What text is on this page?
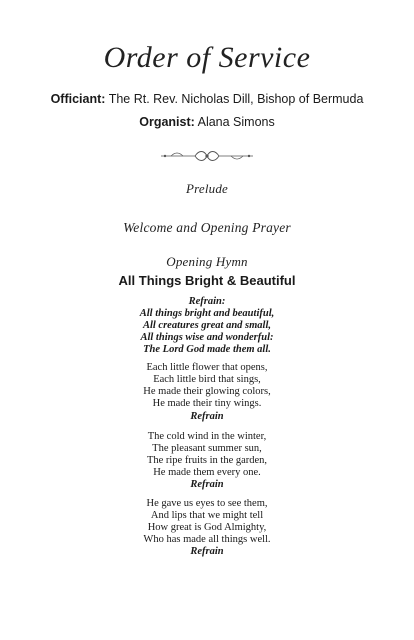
Order of Service
Officiant: The Rt. Rev. Nicholas Dill, Bishop of Bermuda
Organist: Alana Simons
Prelude
Welcome and Opening Prayer
Opening Hymn
All Things Bright & Beautiful
Refrain:
All things bright and beautiful,
All creatures great and small,
All things wise and wonderful:
The Lord God made them all.
Each little flower that opens,
Each little bird that sings,
He made their glowing colors,
He made their tiny wings.
Refrain
The cold wind in the winter,
The pleasant summer sun,
The ripe fruits in the garden,
He made them every one.
Refrain
He gave us eyes to see them,
And lips that we might tell
How great is God Almighty,
Who has made all things well.
Refrain
